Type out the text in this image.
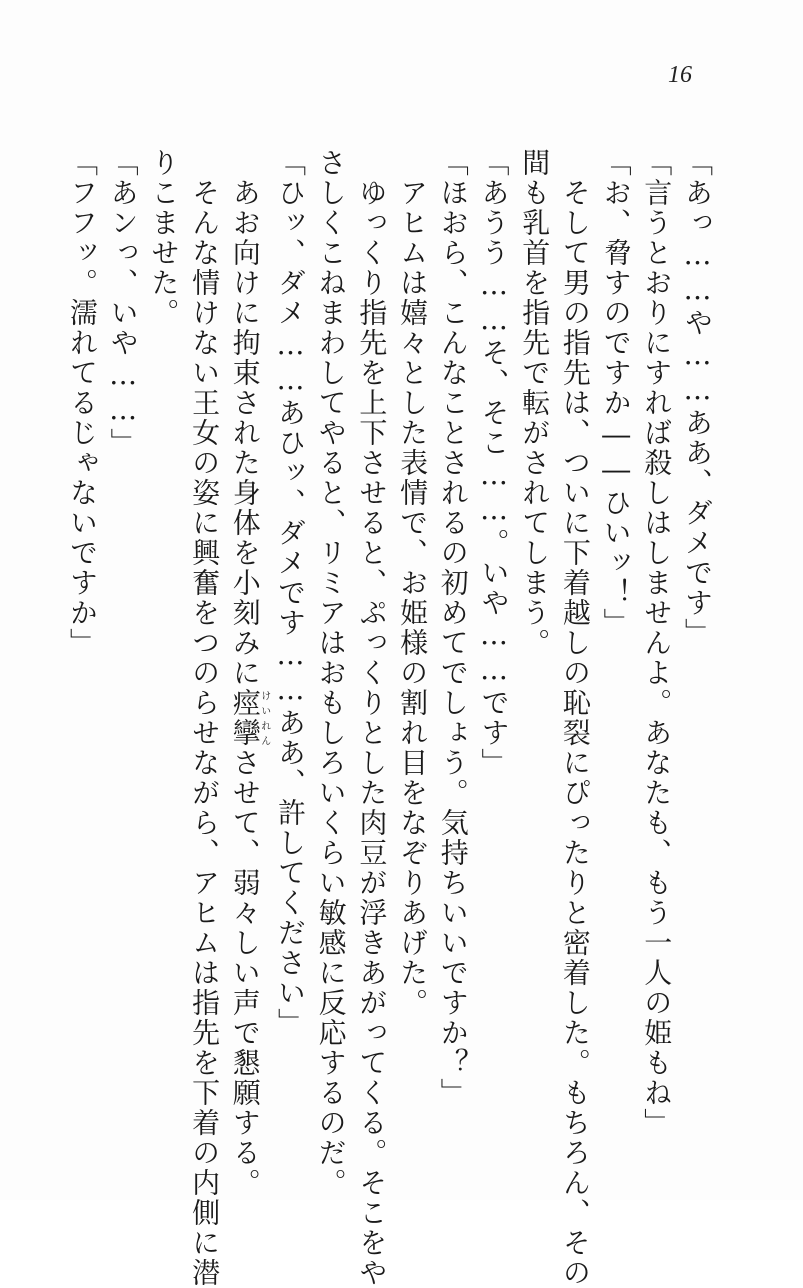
16
「あっ……や……ああ、ダメです」
「言うとおりにすれば殺しはしませんよ。あなたも、もう一人の姫もね」
「お、脅すのですか――ひいッ！」
　そして男の指先は、ついに下着越しの恥裂にぴったりと密着した。もちろん、その
間も乳首を指先で転がされてしまう。
「あうう……そ、そこ……。いや……です」
「ほおら、こんなことされるの初めてでしょう。気持ちいいですか？」
　アヒムは嬉々とした表情で、お姫様の割れ目をなぞりあげた。
　ゆっくり指先を上下させると、ぷっくりとした肉豆が浮きあがってくる。そこをや
さしくこねまわしてやると、リミアはおもしろいくらい敏感に反応するのだ。
「ひッ、ダメ……あひッ、ダメです……ああ、許してください」
　あお向けに拘束された身体を小刻みに痙攣けいれんさせて、弱々しい声で懇願する。
　そんな情けない王女の姿に興奮をつのらせながら、アヒムは指先を下着の内側に潜
りこませた。
「あンっ、いや……」
「フフッ。濡れてるじゃないですか」
